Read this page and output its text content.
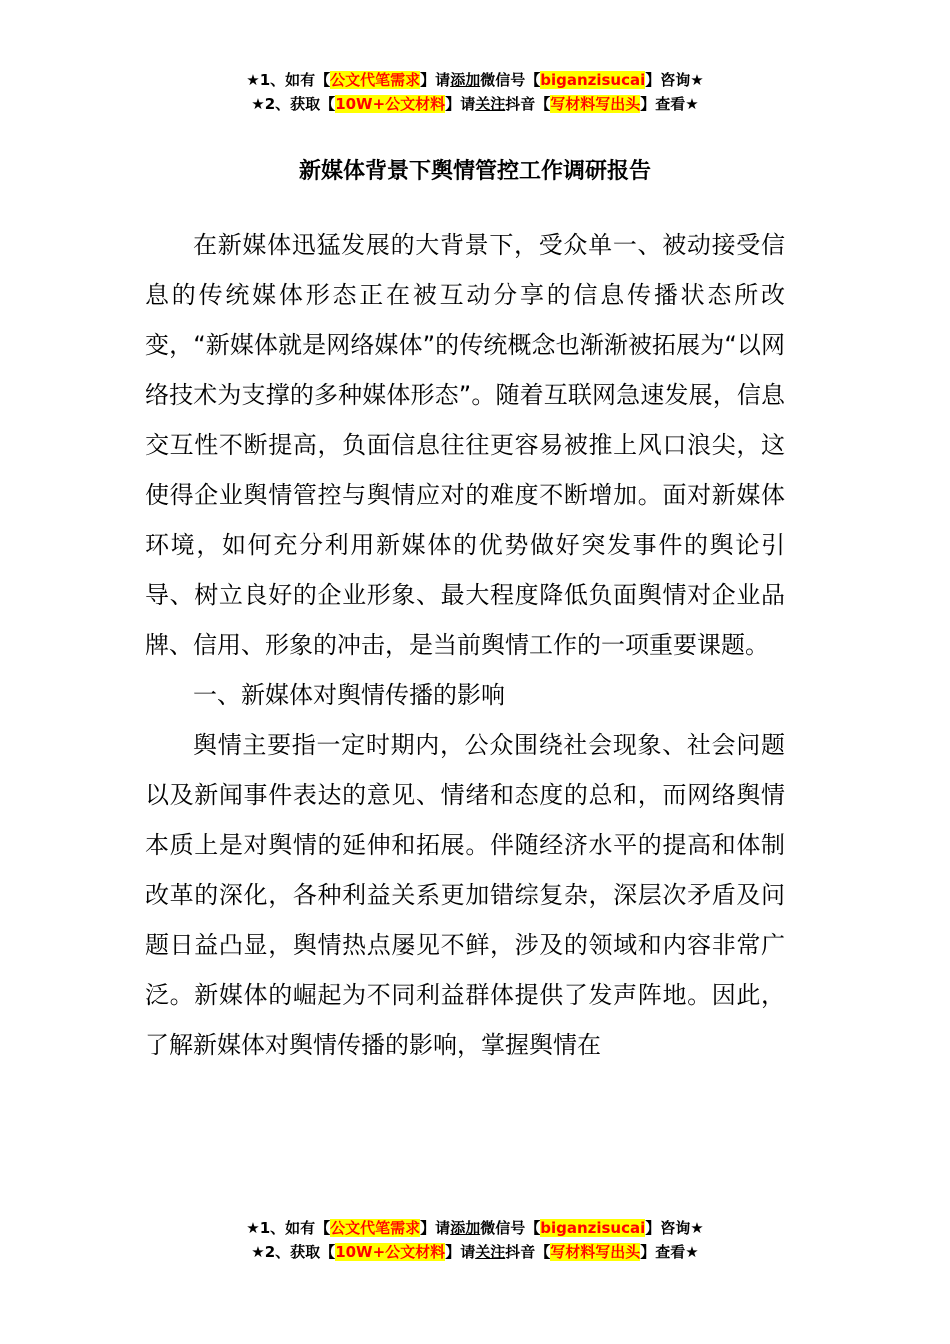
★1、如有【公文代笔需求】请添加微信号【biganzisucai】咨询★
★2、获取【10W+公文材料】请关注抖音【写材料写出头】查看★
新媒体背景下舆情管控工作调研报告

在新媒体迅猛发展的大背景下，受众单一、被动接受信息的传统媒体形态正在被互动分享的信息传播状态所改变，“新媒体就是网络媒体”的传统概念也渐渐被拓展为“以网络技术为支撑的多种媒体形态”。随着互联网急速发展，信息交互性不断提高，负面信息往往更容易被推上风口浪尖，这使得企业舆情管控与舆情应对的难度不断增加。面对新媒体环境，如何充分利用新媒体的优势做好突发事件的舆论引导、树立良好的企业形象、最大程度降低负面舆情对企业品牌、信用、形象的冲击，是当前舆情工作的一项重要课题。

一、新媒体对舆情传播的影响

舆情主要指一定时期内，公众围绕社会现象、社会问题以及新闻事件表达的意见、情绪和态度的总和，而网络舆情本质上是对舆情的延伸和拓展。伴随经济水平的提高和体制改革的深化，各种利益关系更加错综复杂，深层次矛盾及问题日益凸显，舆情热点屡见不鲜，涉及的领域和内容非常广泛。新媒体的崛起为不同利益群体提供了发声阵地。因此，了解新媒体对舆情传播的影响，掌握舆情在

★1、如有【公文代笔需求】请添加微信号【biganzisucai】咨询★
★2、获取【10W+公文材料】请关注抖音【写材料写出头】查看★
